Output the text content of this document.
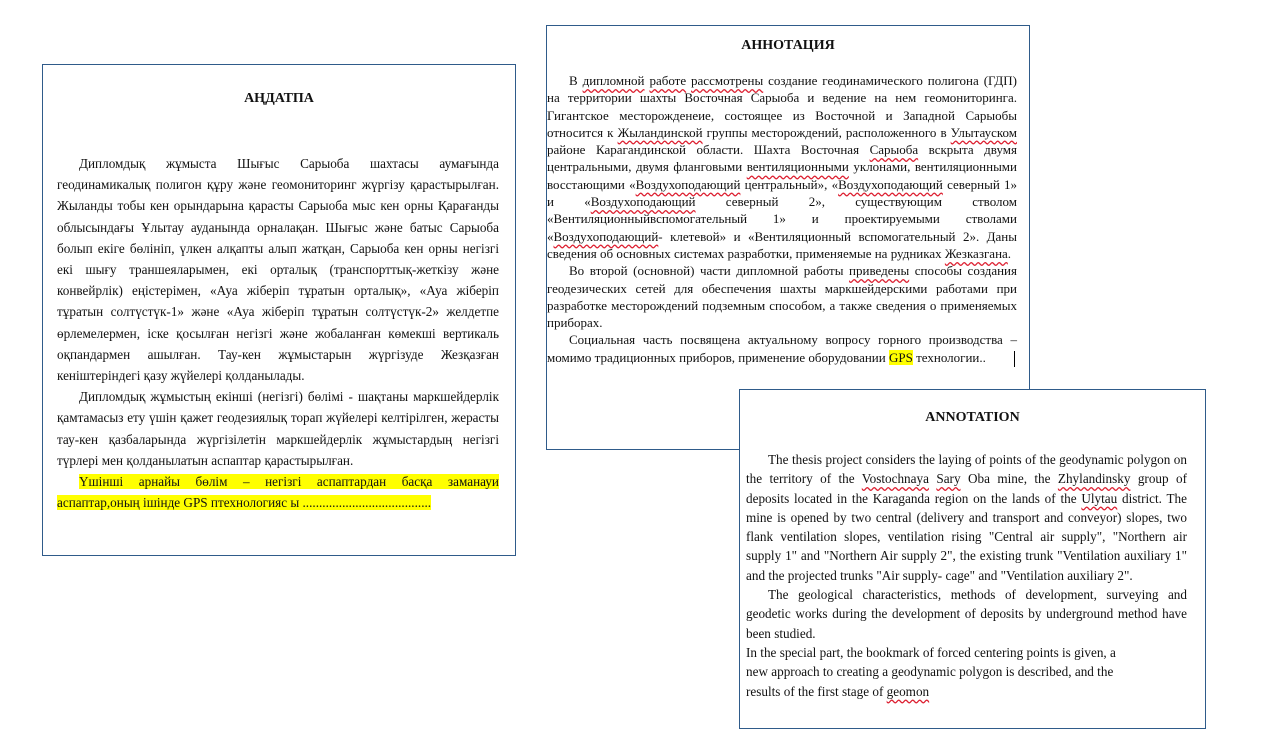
АҢДАТПА

Дипломдық жұмыста Шығыс Сарыоба шахтасы аумағында геодинамикалық полигон құру және геомониторинг жүргізу қарастырылған. Жыланды тобы кен орындарына қарасты Сарыоба мыс кен орны Қарағанды облысындағы Ұлытау ауданында орналақан. Шығыс және батыс Сарыоба болып екіге бөлініп, үлкен алқапты алып жатқан, Сарыоба кен орны негізгі екі шығу траншеяларымен, екі орталық (транспорттық-жеткізу және конвейрлік) еңістерімен, «Ауа жіберіп тұратын орталық», «Ауа жіберіп тұратын солтүстүк-1» және «Ауа жіберіп тұратын солтүстүк-2» желдетпе өрлемелермен, іске қосылған негізгі және жобаланған көмекші вертикаль оқпандармен ашылған. Тау-кен жұмыстарын жүргізуде Жезқазған кеніштеріндегі қазу жүйелері қолданылады.

Дипломдық жұмыстың екінші (негізгі) бөлімі - шақтаны маркшейдерлік қамтамасыз ету үшін қажет геодезиялық торап жүйелері келтірілген, жерасты тау-кен қазбаларында жүргізілетін маркшейдерлік жұмыстардың негізгі түрлері мен қолданылатын аспаптар қарастырылған.

Үшінші арнайы бөлім – негізгі аспаптардан басқа заманауи аспаптар,оның ішінде GPS птехнологияс ы .......................................

АННОТАЦИЯ

В дипломной работе рассмотрены создание геодинамического полигона (ГДП) на территории шахты Восточная Сарыоба и ведение на нем геомониторинга. Гигантское месторожденеие, состоящее из Восточной и Западной Сарыобы относится к Жыландинской группы месторождений, расположенного в Улытауском районе Карагандинской области. Шахта Восточная Сарыоба вскрыта двумя центральными, двумя фланговыми вентиляционными уклонами, вентиляционными восстающими «Воздухоподающий центральный», «Воздухоподающий северный 1» и «Воздухоподающий северный 2», существующим стволом «Вентиляционныйвспомогательный 1» и проектируемыми стволами «Воздухоподающий- клетевой» и «Вентиляционный вспомогательный 2». Даны сведения об основных системах разработки, применяемые на рудниках Жезказгана.

Во второй (основной) части дипломной работы приведены способы создания геодезических сетей для обеспечения шахты маркшейдерскими работами при разработке месторождений подземным способом, а также сведения о применяемых приборах.

Социальная часть посвящена актуальному вопросу горного производства – момимо традиционных приборов, применение оборудовании GPS технологии..

ANNOTATION

The thesis project considers the laying of points of the geodynamic polygon on the territory of the Vostochnaya Sary Oba mine, the Zhylandinsky group of deposits located in the Karaganda region on the lands of the Ulytau district. The mine is opened by two central (delivery and transport and conveyor) slopes, two flank ventilation slopes, ventilation rising "Central air supply", "Northern air supply 1" and "Northern Air supply 2", the existing trunk "Ventilation auxiliary 1" and the projected trunks "Air supply- cage" and "Ventilation auxiliary 2".

The geological characteristics, methods of development, surveying and geodetic works during the development of deposits by underground method have been studied.

In the special part, the bookmark of forced centering points is given, a
new approach to creating a geodynamic polygon is described, and the
results of the first stage of geomon
